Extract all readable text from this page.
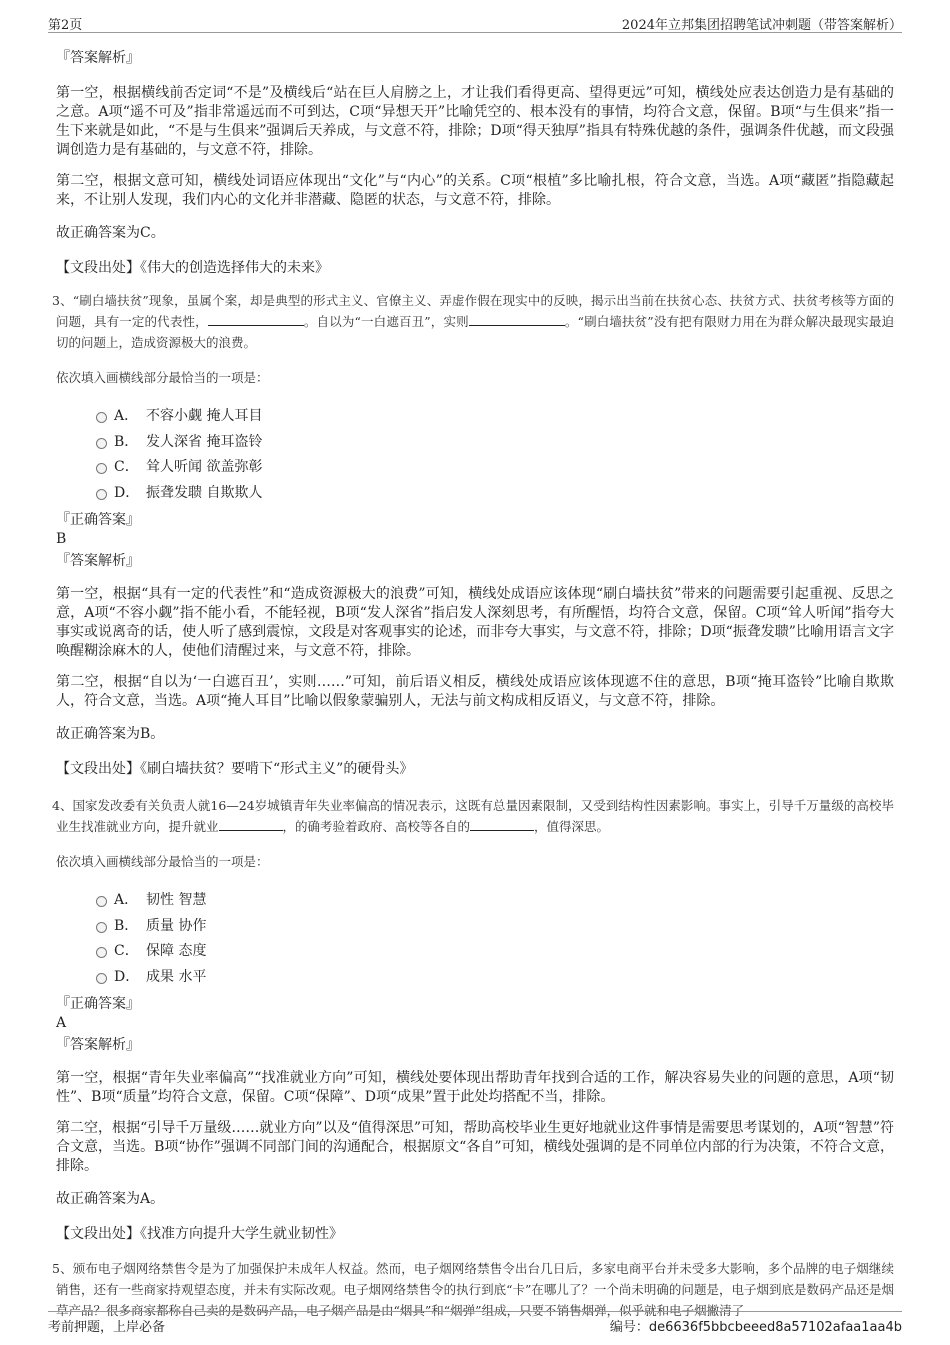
第2页	2024年立邦集团招聘笔试冲刺题（带答案解析）

『答案解析』

第一空，根据横线前否定词“不是”及横线后“站在巨人肩膀之上，才让我们看得更高、望得更远”可知，横线处应表达创造力是有基础的之意。A项“遥不可及”指非常遥远而不可到达，C项“异想天开”比喻凭空的、根本没有的事情，均符合文意，保留。B项“与生俱来”指一生下来就是如此，“不是与生俱来”强调后天养成，与文意不符，排除；D项“得天独厚”指具有特殊优越的条件，强调条件优越，而文段强调创造力是有基础的，与文意不符，排除。

第二空，根据文意可知，横线处词语应体现出“文化”与“内心”的关系。C项“根植”多比喻扎根，符合文意，当选。A项“藏匿”指隐藏起来，不让别人发现，我们内心的文化并非潜藏、隐匿的状态，与文意不符，排除。

故正确答案为C。

【文段出处】《伟大的创造选择伟大的未来》

3、“刷白墙扶贫”现象，虽属个案，却是典型的形式主义、官僚主义、弄虚作假在现实中的反映，揭示出当前在扶贫心态、扶贫方式、扶贫考核等方面的问题，具有一定的代表性，	。自以为“一白遮百丑”，实则	。“刷白墙扶贫”没有把有限财力用在为群众解决最现实最迫切的问题上，造成资源极大的浪费。

依次填入画横线部分最恰当的一项是：

A． 不容小觑 掩人耳目
B． 发人深省 掩耳盗铃
C． 耸人听闻 欲盖弥彰
D． 振聋发聩 自欺欺人

『正确答案』

B

『答案解析』

第一空，根据“具有一定的代表性”和“造成资源极大的浪费”可知，横线处成语应该体现“刷白墙扶贫”带来的问题需要引起重视、反思之意，A项“不容小觑”指不能小看，不能轻视，B项“发人深省”指启发人深刻思考，有所醒悟，均符合文意，保留。C项“耸人听闻”指夸大事实或说离奇的话，使人听了感到震惊，文段是对客观事实的论述，而非夸大事实，与文意不符，排除；D项“振聋发聩”比喻用语言文字唤醒糊涂麻木的人，使他们清醒过来，与文意不符，排除。

第二空，根据“自以为‘一白遮百丑’，实则……”可知，前后语义相反，横线处成语应该体现遮不住的意思，B项“掩耳盗铃”比喻自欺欺人，符合文意，当选。A项“掩人耳目”比喻以假象蒙骗别人，无法与前文构成相反语义，与文意不符，排除。

故正确答案为B。

【文段出处】《刷白墙扶贫？要啃下“形式主义”的硬骨头》

4、国家发改委有关负责人就16—24岁城镇青年失业率偏高的情况表示，这既有总量因素限制，又受到结构性因素影响。事实上，引导千万量级的高校毕业生找准就业方向，提升就业	，的确考验着政府、高校等各自的	，值得深思。

依次填入画横线部分最恰当的一项是：

A． 韧性 智慧
B． 质量 协作
C． 保障 态度
D． 成果 水平

『正确答案』

A

『答案解析』

第一空，根据“青年失业率偏高”“找准就业方向”可知，横线处要体现出帮助青年找到合适的工作，解决容易失业的问题的意思，A项“韧性”、B项“质量”均符合文意，保留。C项“保障”、D项“成果”置于此处均搭配不当，排除。

第二空，根据“引导千万量级……就业方向”以及“值得深思”可知，帮助高校毕业生更好地就业这件事情是需要思考谋划的，A项“智慧”符合文意，当选。B项“协作”强调不同部门间的沟通配合，根据原文“各自”可知，横线处强调的是不同单位内部的行为决策，不符合文意，排除。

故正确答案为A。

【文段出处】《找准方向提升大学生就业韧性》

5、颁布电子烟网络禁售令是为了加强保护未成年人权益。然而，电子烟网络禁售令出台几日后，多家电商平台并未受多大影响，多个品牌的电子烟继续销售，还有一些商家持观望态度，并未有实际改观。电子烟网络禁售令的执行到底“卡”在哪儿了？一个尚未明确的问题是，电子烟到底是数码产品还是烟草产品？很多商家都称自己卖的是数码产品，电子烟产品是由“烟具”和“烟弹”组成，只要不销售烟弹，似乎就和电子烟撇清了

考前押题，上岸必备	编号：de6636f5bbcbeeed8a57102afaa1aa4b
